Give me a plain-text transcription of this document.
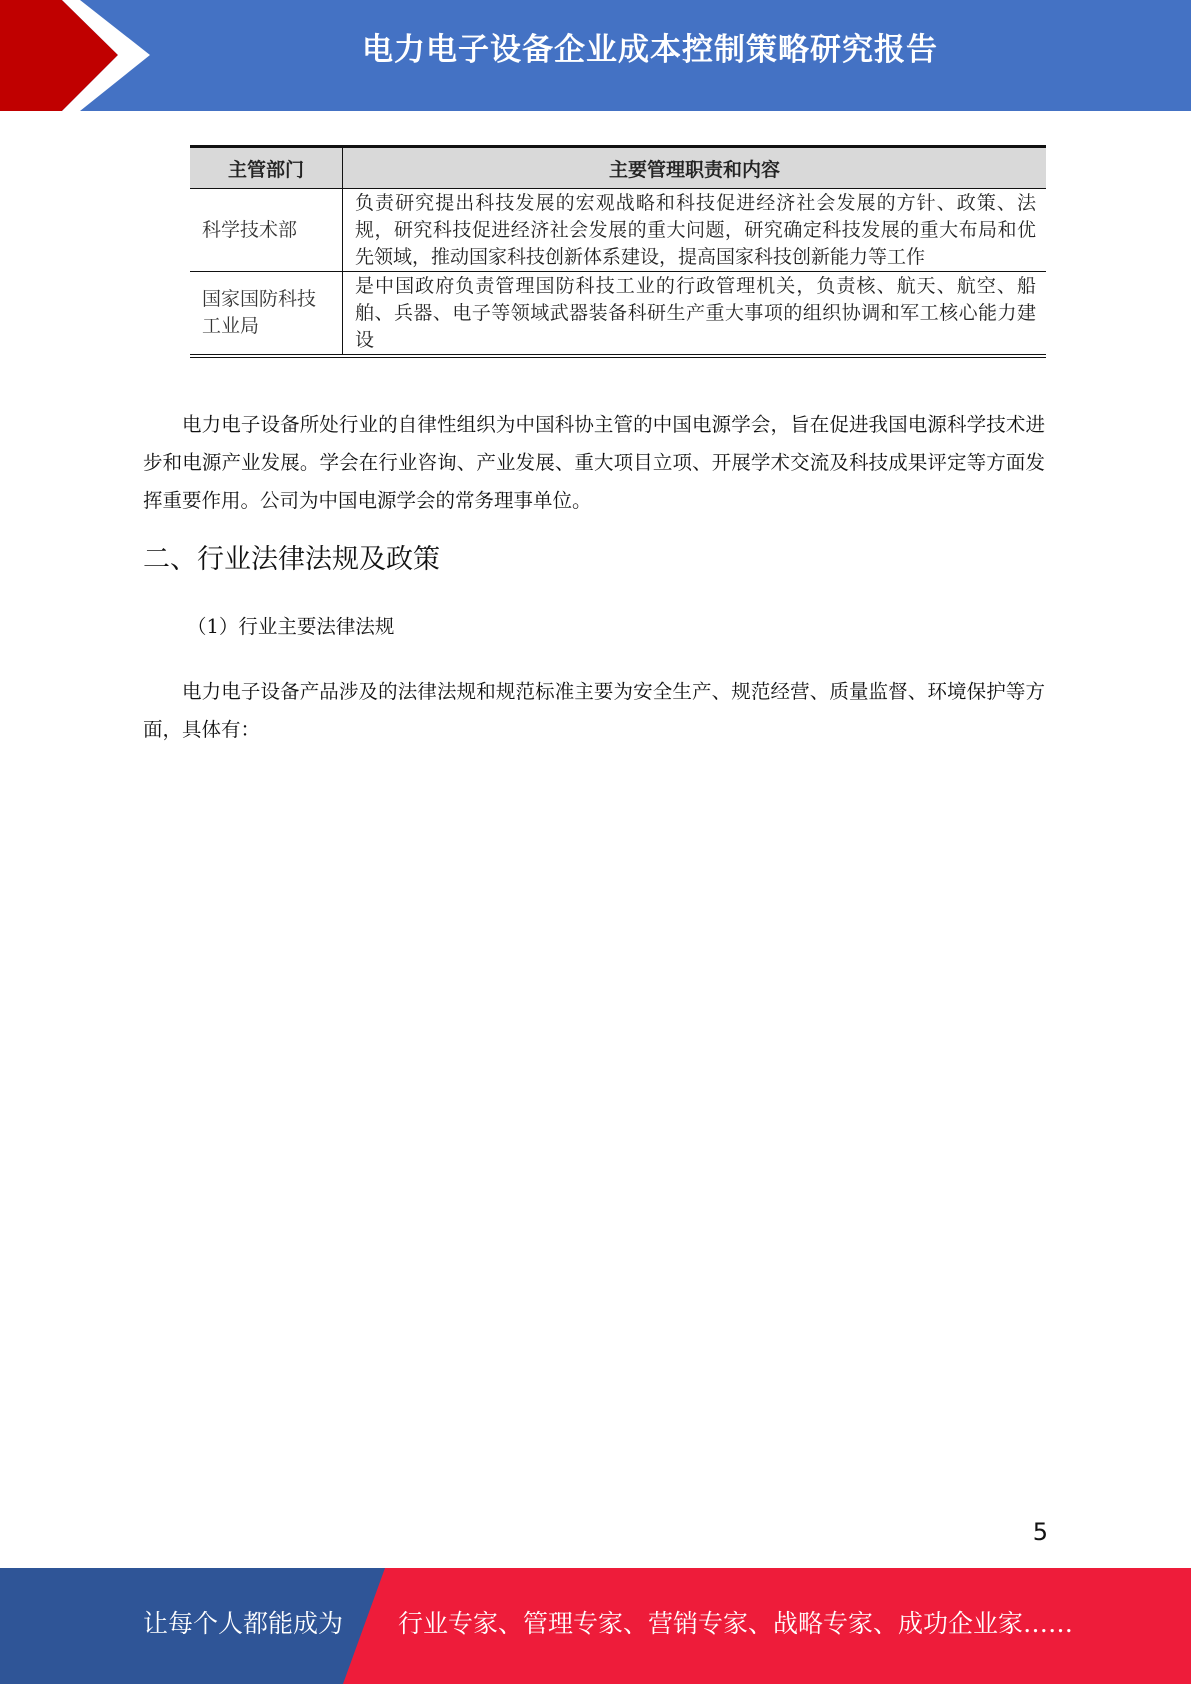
电力电子设备企业成本控制策略研究报告
主管部门	主要管理职责和内容
科学技术部	负责研究提出科技发展的宏观战略和科技促进经济社会发展的方针、政策、法规，研究科技促进经济社会发展的重大问题，研究确定科技发展的重大布局和优先领域，推动国家科技创新体系建设，提高国家科技创新能力等工作

国家国防科技工业局	是中国政府负责管理国防科技工业的行政管理机关，负责核、航天、航空、船舶、兵器、电子等领域武器装备科研生产重大事项的组织协调和军工核心能力建设

电力电子设备所处行业的自律性组织为中国科协主管的中国电源学会，旨在促进我国电源科学技术进步和电源产业发展。学会在行业咨询、产业发展、重大项目立项、开展学术交流及科技成果评定等方面发挥重要作用。公司为中国电源学会的常务理事单位。

二、行业法律法规及政策
（1）行业主要法律法规

电力电子设备产品涉及的法律法规和规范标准主要为安全生产、规范经营、质量监督、环境保护等方面，具体有：

5
让每个人都能成为 行业专家、管理专家、营销专家、战略专家、成功企业家……
